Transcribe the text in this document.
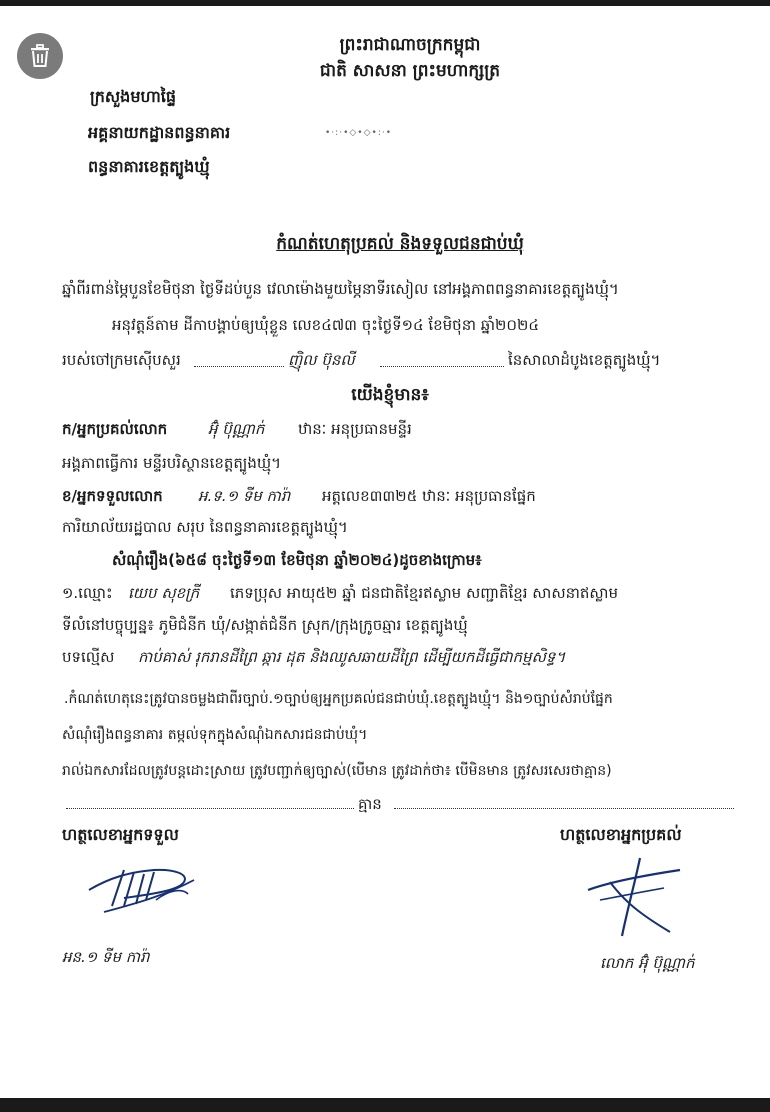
ព្រះរាជាណាចក្រកម្ពុជា
ជាតិ សាសនា ព្រះមហាក្សត្រ
ក្រសួងមហាផ្ទៃ
អគ្គនាយកដ្ឋានពន្ធនាគារ	•·:·•◇•◇•:·•
ពន្ធនាគារខេត្តត្បូងឃ្មុំ
កំណត់ហេតុប្រគល់ និងទទួលជនជាប់ឃុំ
ឆ្នាំពីរពាន់ម្ភៃបួនខែមិថុនា ថ្ងៃទីដប់បួន វេលាម៉ោងមួយម្ភៃនាទីរសៀល នៅអង្គភាពពន្ធនាគារខេត្តត្បូងឃ្មុំ។
អនុវត្តន៍តាម ដីកាបង្គាប់ឲ្យឃុំខ្លួន លេខ៤៧៣ ចុះថ្ងៃទី១៤ ខែមិថុនា ឆ្នាំ២០២៤
របស់ចៅក្រមស៊ើបសួរ	ញ៉ិល ប៊ុនលី	នៃសាលាដំបូងខេត្តត្បូងឃ្មុំ។
យើងខ្ញុំមាន៖
ក/អ្នកប្រគល់លោក	អ៊ុំ ប៊ុណ្ណាក់ ឋានៈ អនុប្រធានមន្ទីរ
អង្គភាពធ្វើការ មន្ទីរបរិស្ថានខេត្តត្បូងឃ្មុំ។
ខ/អ្នកទទួលលោក អ.ទ.១ ទីម ការ៉ា អត្តលេខ៣៣២៥ ឋានៈ អនុប្រធានផ្នែក
ការិយាល័យរដ្ឋបាល សរុប នៃពន្ធនាគារខេត្តត្បូងឃ្មុំ។
សំណុំរឿង(៦៥៨ ចុះថ្ងៃទី១៣ ខែមិថុនា ឆ្នាំ២០២៤)ដូចខាងក្រោម៖
១.ឈ្មោះ យេប សុខក្រី ភេទប្រុស អាយុ៥២ ឆ្នាំ ជនជាតិខ្មែរឥស្លាម សញ្ជាតិខ្មែរ សាសនាឥស្លាម
ទីលំនៅបច្ចុប្បន្ន៖ ភូមិជំនីក ឃុំ/សង្កាត់ជំនីក ស្រុក/ក្រុងក្រូចឆ្មារ ខេត្តត្បូងឃ្មុំ
បទល្មើស កាប់គាស់ រុករានដីព្រៃ ឆ្ការ ដុត និងឈូសឆាយដីព្រៃ ដើម្បីយកដីធ្វើជាកម្មសិទ្ធ។
.កំណត់ហេតុនេះត្រូវបានចម្លងជាពីរច្បាប់.១ច្បាប់ឲ្យអ្នកប្រគល់ជនជាប់ឃុំ.ខេត្តត្បូងឃ្មុំ។ និង១ច្បាប់សំរាប់ផ្នែក
សំណុំរឿងពន្ធនាគារ តម្កល់ទុកក្នុងសំណុំឯកសារជនជាប់ឃុំ។
រាល់ឯកសារដែលត្រូវបន្តដោះស្រាយ ត្រូវបញ្ជាក់ឲ្យច្បាស់(បើមាន ត្រូវដាក់ថា៖ បើមិនមាន ត្រូវសរសេរថាគ្មាន)
គ្មាន
ហត្ថលេខាអ្នកទទួល	ហត្ថលេខាអ្នកប្រគល់
អន.១ ទីម ការ៉ា	លោក អ៊ុំ ប៊ុណ្ណាក់
